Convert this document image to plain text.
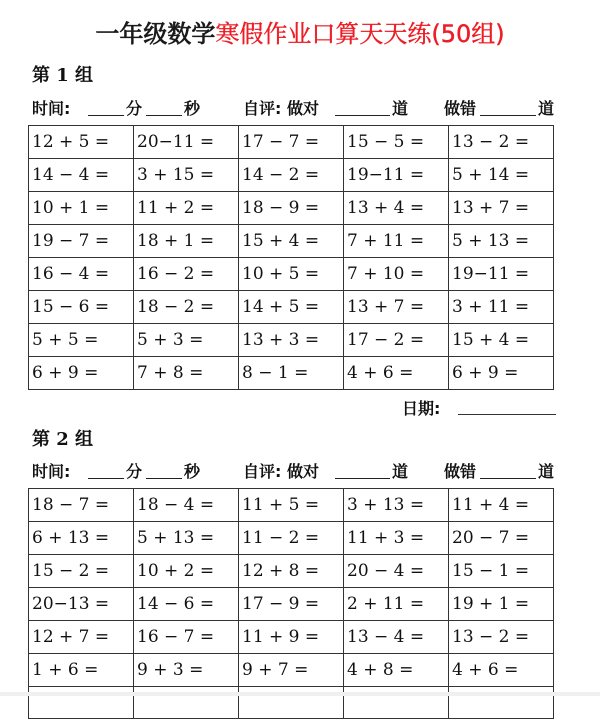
一年级数学寒假作业口算天天练(50组)
第 1 组
时间:	分	秒	自评: 做对	道 做错	道
12 + 5 =	20−11 =	17 − 7 =	15 − 5 =	13 − 2 =
14 − 4 =	3 + 15 =	14 − 2 =	19−11 =	5 + 14 =
10 + 1 =	11 + 2 =	18 − 9 =	13 + 4 =	13 + 7 =
19 − 7 =	18 + 1 =	15 + 4 =	7 + 11 =	5 + 13 =
16 − 4 =	16 − 2 =	10 + 5 =	7 + 10 =	19−11 =
15 − 6 =	18 − 2 =	14 + 5 =	13 + 7 =	3 + 11 =
5 + 5 =	5 + 3 =	13 + 3 =	17 − 2 =	15 + 4 =
6 + 9 =	7 + 8 =	8 − 1 =	4 + 6 =	6 + 9 =
日期:
第 2 组
时间:	分	秒	自评: 做对	道 做错	道
18 − 7 =	18 − 4 =	11 + 5 =	3 + 13 =	11 + 4 =
6 + 13 =	5 + 13 =	11 − 2 =	11 + 3 =	20 − 7 =
15 − 2 =	10 + 2 =	12 + 8 =	20 − 4 =	15 − 1 =
20−13 =	14 − 6 =	17 − 9 =	2 + 11 =	19 + 1 =
12 + 7 =	16 − 7 =	11 + 9 =	13 − 4 =	13 − 2 =
1 + 6 =	9 + 3 =	9 + 7 =	4 + 8 =	4 + 6 =
